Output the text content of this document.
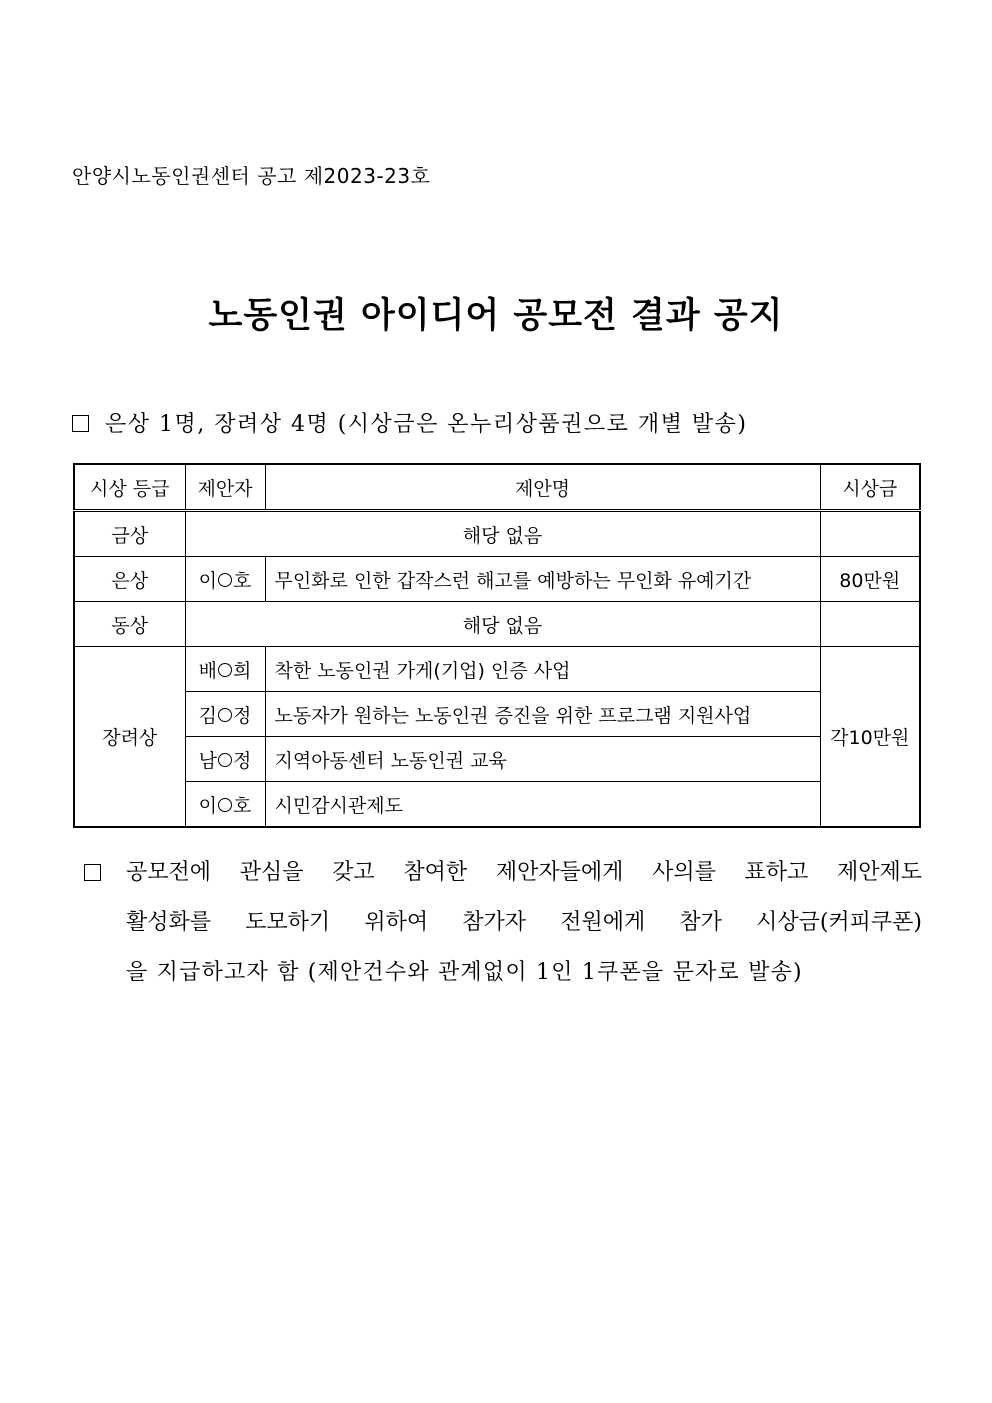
안양시노동인권센터 공고 제2023-23호
노동인권 아이디어 공모전 결과 공지
은상 1명, 장려상 4명 (시상금은 온누리상품권으로 개별 발송)
시상 등급	제안자	제안명	시상금
금상	해당 없음		
은상	이 호	무인화로 인한 갑작스런 해고를 예방하는 무인화 유예기간	80만원
동상	해당 없음		
장려상	배 희	착한 노동인권 가게(기업) 인증 사업	각10만원
	김 정	노동자가 원하는 노동인권 증진을 위한 프로그램 지원사업	
	남 정	지역아동센터 노동인권 교육	
	이 호	시민감시관제도	
공모전에 관심을 갖고 참여한 제안자들에게 사의를 표하고 제안제도
활성화를 도모하기 위하여 참가자 전원에게 참가 시상금(커피쿠폰)
을 지급하고자 함 (제안건수와 관계없이 1인 1쿠폰을 문자로 발송)
